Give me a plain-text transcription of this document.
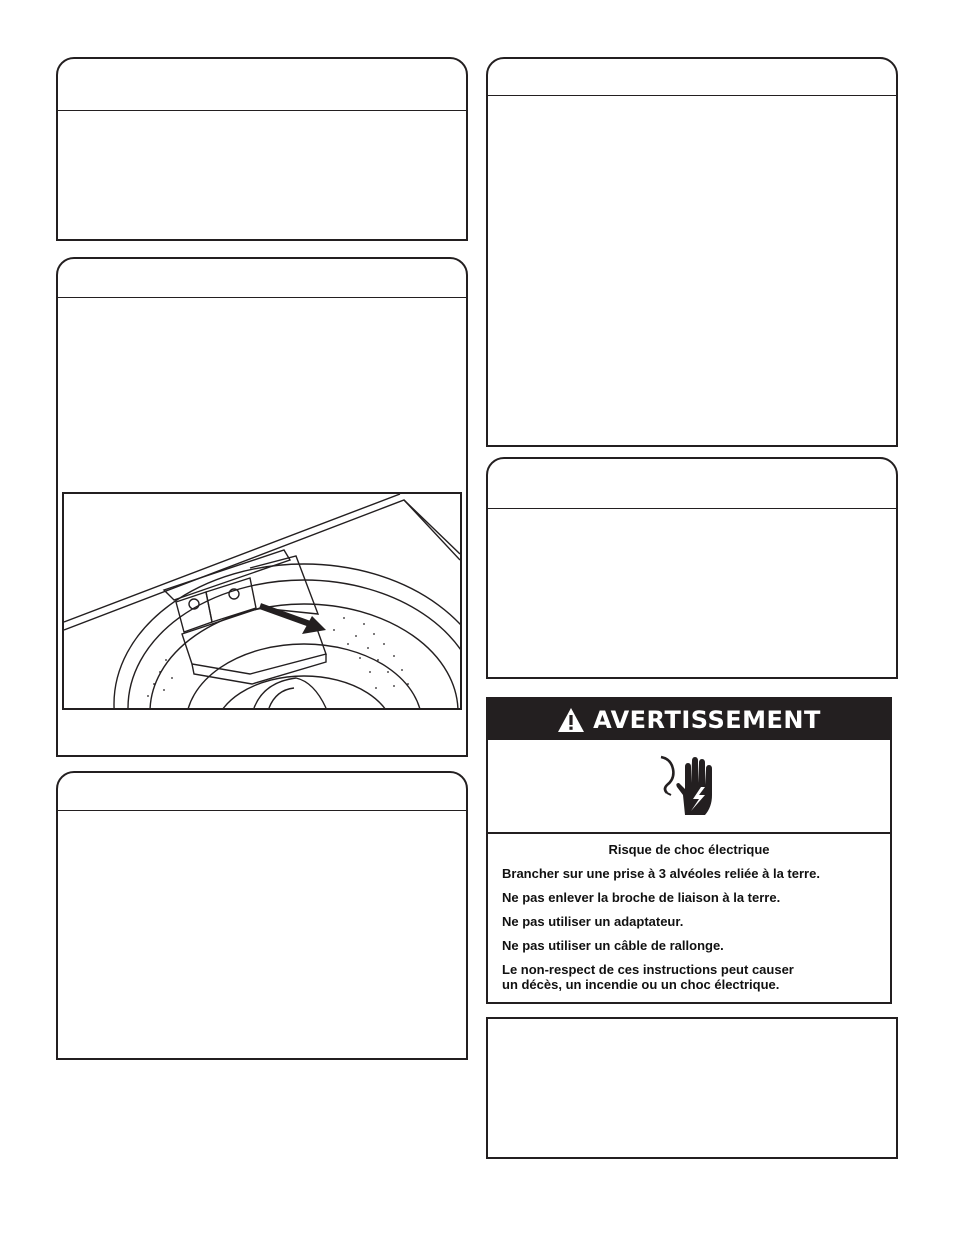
AVERTISSEMENT
Risque de choc électrique

Brancher sur une prise à 3 alvéoles reliée à la terre.

Ne pas enlever la broche de liaison à la terre.

Ne pas utiliser un adaptateur.

Ne pas utiliser un câble de rallonge.

Le non-respect de ces instructions peut causer
un décès, un incendie ou un choc électrique.
